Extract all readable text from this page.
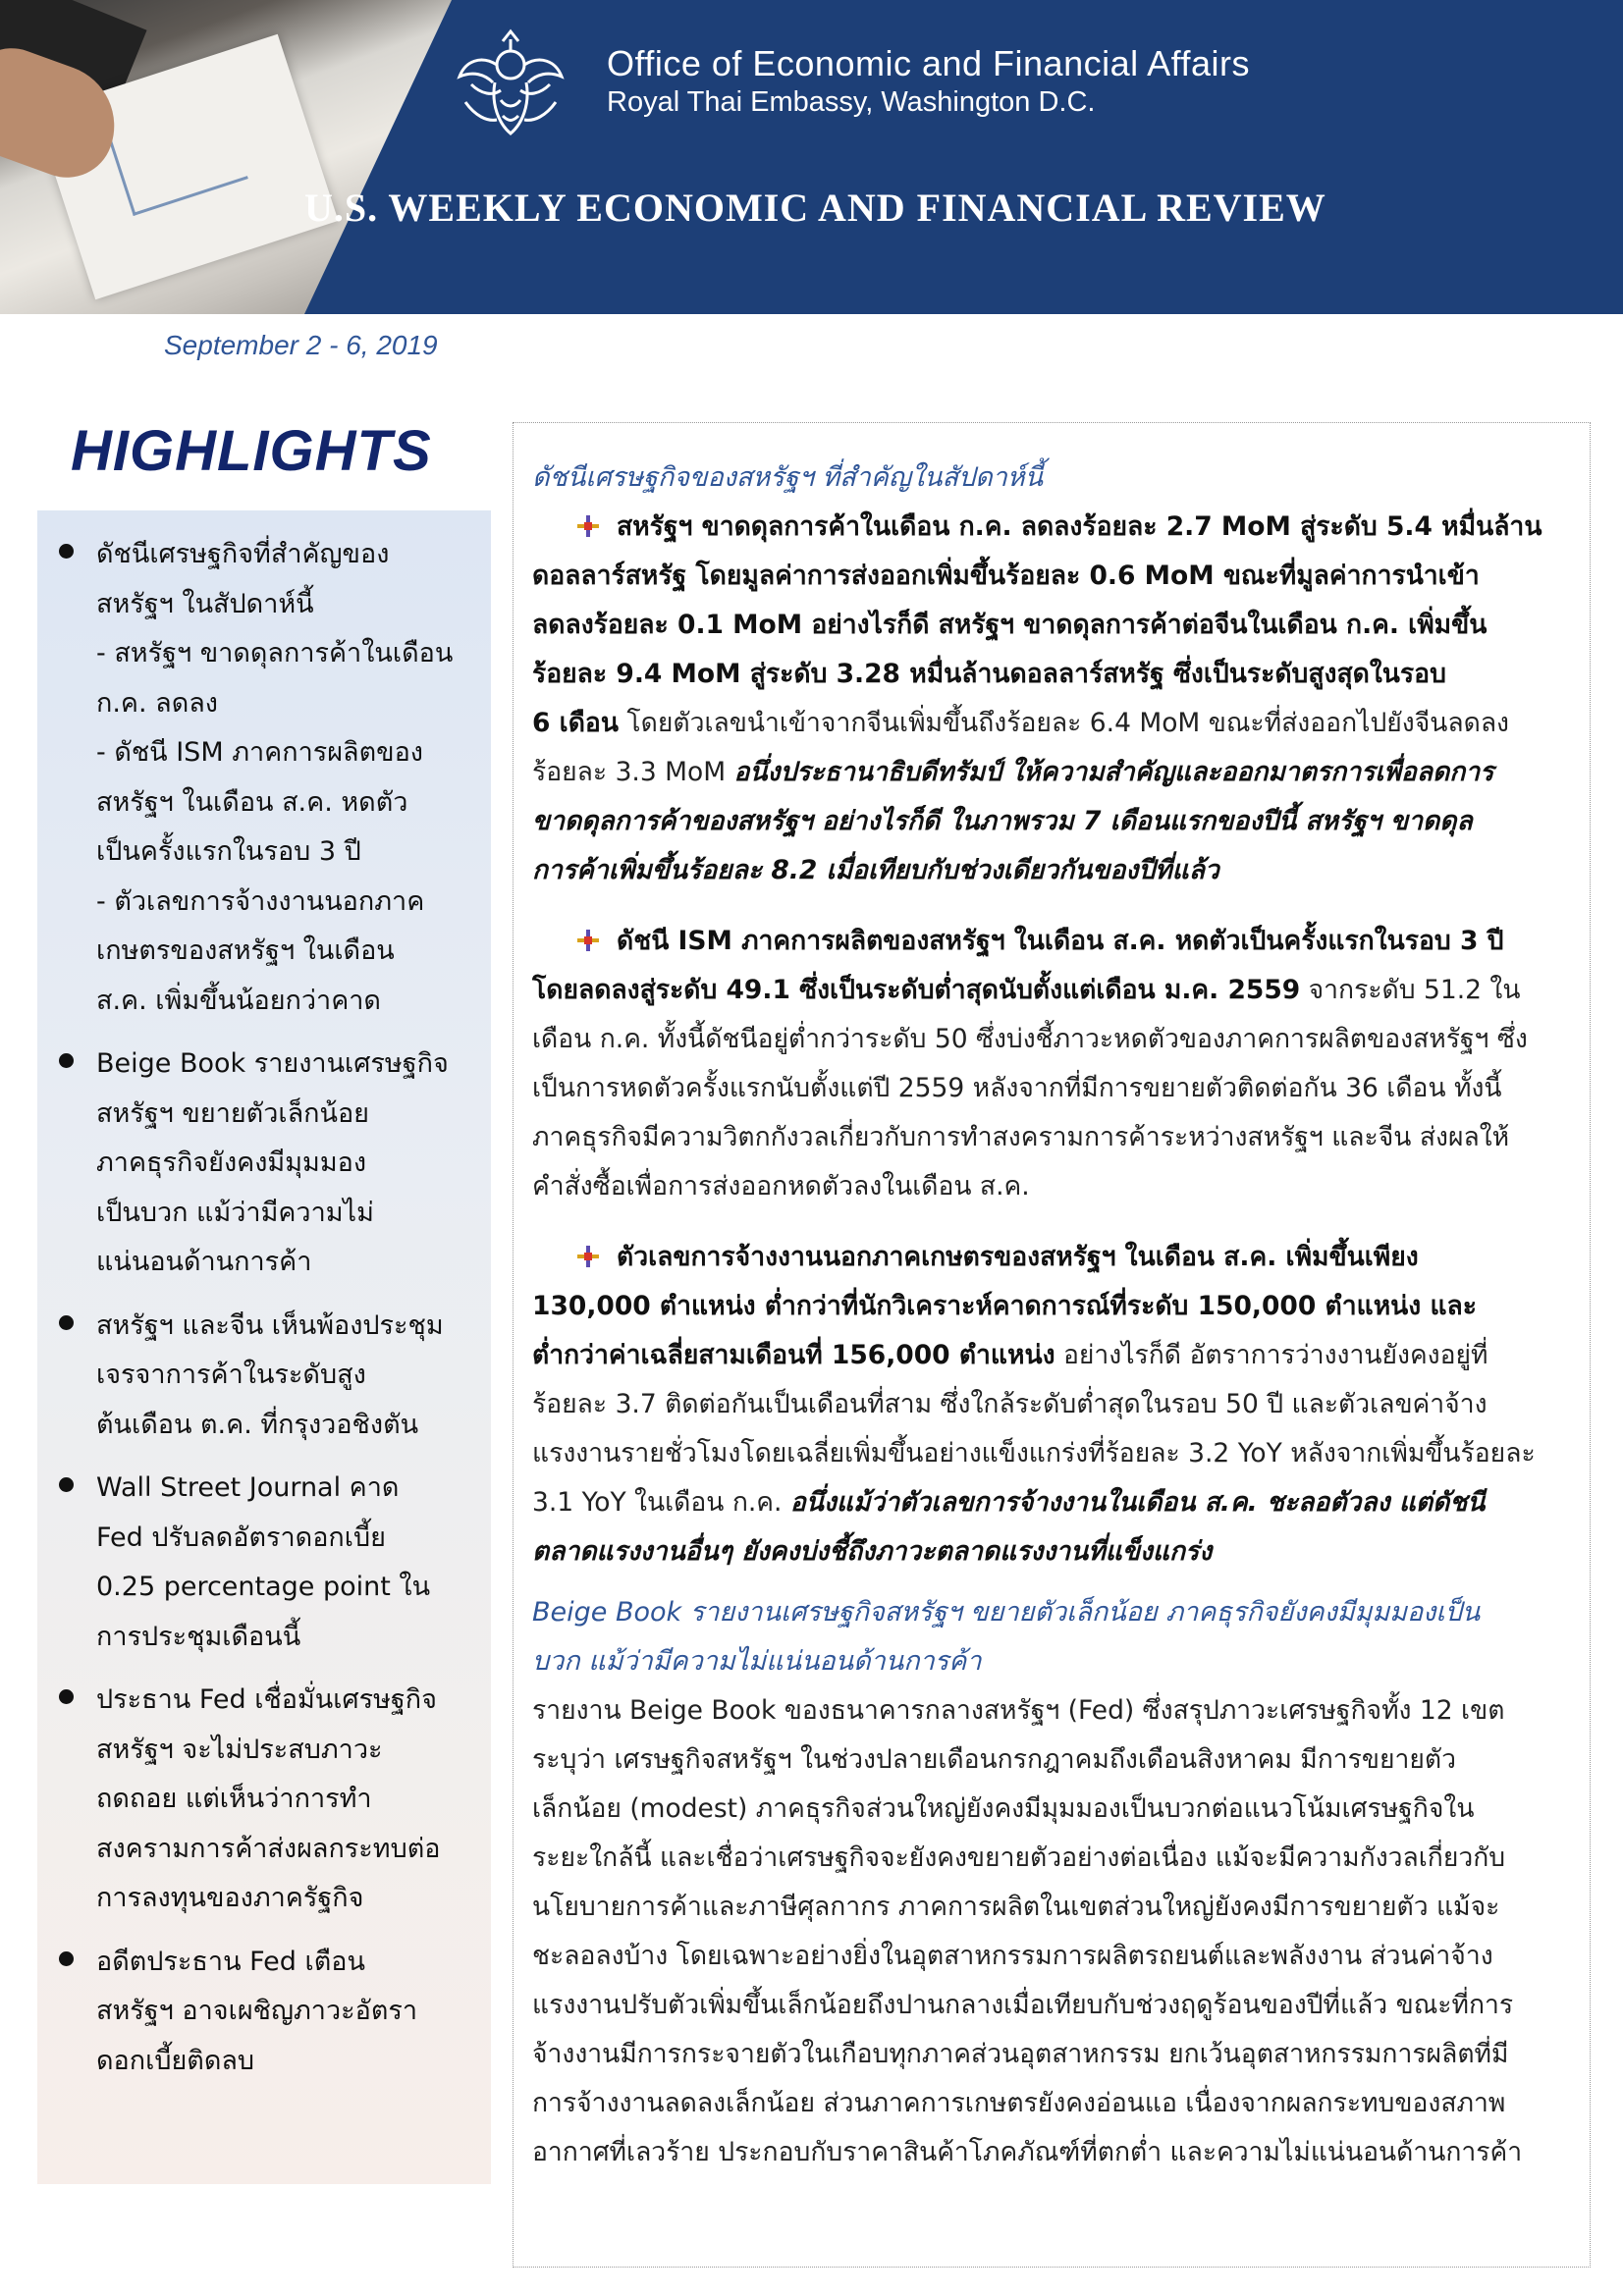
Office of Economic and Financial Affairs
Royal Thai Embassy, Washington D.C.
U.S. WEEKLY ECONOMIC AND FINANCIAL REVIEW
September 2 - 6, 2019
HIGHLIGHTS
ดัชนีเศรษฐกิจที่สำคัญของ
สหรัฐฯ ในสัปดาห์นี้
- สหรัฐฯ ขาดดุลการค้าในเดือน
ก.ค. ลดลง
- ดัชนี ISM ภาคการผลิตของ
สหรัฐฯ ในเดือน ส.ค. หดตัว
เป็นครั้งแรกในรอบ 3 ปี
- ตัวเลขการจ้างงานนอกภาค
เกษตรของสหรัฐฯ ในเดือน
ส.ค. เพิ่มขึ้นน้อยกว่าคาด
Beige Book รายงานเศรษฐกิจ
สหรัฐฯ ขยายตัวเล็กน้อย
ภาคธุรกิจยังคงมีมุมมอง
เป็นบวก แม้ว่ามีความไม่
แน่นอนด้านการค้า
สหรัฐฯ และจีน เห็นพ้องประชุม
เจรจาการค้าในระดับสูง
ต้นเดือน ต.ค. ที่กรุงวอชิงตัน
Wall Street Journal คาด
Fed ปรับลดอัตราดอกเบี้ย
0.25 percentage point ใน
การประชุมเดือนนี้
ประธาน Fed เชื่อมั่นเศรษฐกิจ
สหรัฐฯ จะไม่ประสบภาวะ
ถดถอย แต่เห็นว่าการทำ
สงครามการค้าส่งผลกระทบต่อ
การลงทุนของภาครัฐกิจ
อดีตประธาน Fed เตือน
สหรัฐฯ อาจเผชิญภาวะอัตรา
ดอกเบี้ยติดลบ

ดัชนีเศรษฐกิจของสหรัฐฯ ที่สำคัญในสัปดาห์นี้

สหรัฐฯ ขาดดุลการค้าในเดือน ก.ค. ลดลงร้อยละ 2.7 MoM สู่ระดับ 5.4 หมื่นล้าน
ดอลลาร์สหรัฐ โดยมูลค่าการส่งออกเพิ่มขึ้นร้อยละ 0.6 MoM ขณะที่มูลค่าการนำเข้า
ลดลงร้อยละ 0.1 MoM อย่างไรก็ดี สหรัฐฯ ขาดดุลการค้าต่อจีนในเดือน ก.ค. เพิ่มขึ้น
ร้อยละ 9.4 MoM สู่ระดับ 3.28 หมื่นล้านดอลลาร์สหรัฐ ซึ่งเป็นระดับสูงสุดในรอบ
6 เดือน โดยตัวเลขนำเข้าจากจีนเพิ่มขึ้นถึงร้อยละ 6.4 MoM ขณะที่ส่งออกไปยังจีนลดลง
ร้อยละ 3.3 MoM อนึ่งประธานาธิบดีทรัมป์ ให้ความสำคัญและออกมาตรการเพื่อลดการ
ขาดดุลการค้าของสหรัฐฯ อย่างไรก็ดี ในภาพรวม 7 เดือนแรกของปีนี้ สหรัฐฯ ขาดดุล
การค้าเพิ่มขึ้นร้อยละ 8.2 เมื่อเทียบกับช่วงเดียวกันของปีที่แล้ว
ดัชนี ISM ภาคการผลิตของสหรัฐฯ ในเดือน ส.ค. หดตัวเป็นครั้งแรกในรอบ 3 ปี
โดยลดลงสู่ระดับ 49.1 ซึ่งเป็นระดับต่ำสุดนับตั้งแต่เดือน ม.ค. 2559 จากระดับ 51.2 ใน
เดือน ก.ค. ทั้งนี้ดัชนีอยู่ต่ำกว่าระดับ 50 ซึ่งบ่งชี้ภาวะหดตัวของภาคการผลิตของสหรัฐฯ ซึ่ง
เป็นการหดตัวครั้งแรกนับตั้งแต่ปี 2559 หลังจากที่มีการขยายตัวติดต่อกัน 36 เดือน ทั้งนี้
ภาคธุรกิจมีความวิตกกังวลเกี่ยวกับการทำสงครามการค้าระหว่างสหรัฐฯ และจีน ส่งผลให้
คำสั่งซื้อเพื่อการส่งออกหดตัวลงในเดือน ส.ค.
ตัวเลขการจ้างงานนอกภาคเกษตรของสหรัฐฯ ในเดือน ส.ค. เพิ่มขึ้นเพียง
130,000 ตำแหน่ง ต่ำกว่าที่นักวิเคราะห์คาดการณ์ที่ระดับ 150,000 ตำแหน่ง และ
ต่ำกว่าค่าเฉลี่ยสามเดือนที่ 156,000 ตำแหน่ง อย่างไรก็ดี อัตราการว่างงานยังคงอยู่ที่
ร้อยละ 3.7 ติดต่อกันเป็นเดือนที่สาม ซึ่งใกล้ระดับต่ำสุดในรอบ 50 ปี และตัวเลขค่าจ้าง
แรงงานรายชั่วโมงโดยเฉลี่ยเพิ่มขึ้นอย่างแข็งแกร่งที่ร้อยละ 3.2 YoY หลังจากเพิ่มขึ้นร้อยละ
3.1 YoY ในเดือน ก.ค. อนึ่งแม้ว่าตัวเลขการจ้างงานในเดือน ส.ค. ชะลอตัวลง แต่ดัชนี
ตลาดแรงงานอื่นๆ ยังคงบ่งชี้ถึงภาวะตลาดแรงงานที่แข็งแกร่ง

Beige Book รายงานเศรษฐกิจสหรัฐฯ ขยายตัวเล็กน้อย ภาคธุรกิจยังคงมีมุมมองเป็น
บวก แม้ว่ามีความไม่แน่นอนด้านการค้า

รายงาน Beige Book ของธนาคารกลางสหรัฐฯ (Fed) ซึ่งสรุปภาวะเศรษฐกิจทั้ง 12 เขต
ระบุว่า เศรษฐกิจสหรัฐฯ ในช่วงปลายเดือนกรกฎาคมถึงเดือนสิงหาคม มีการขยายตัว
เล็กน้อย (modest) ภาคธุรกิจส่วนใหญ่ยังคงมีมุมมองเป็นบวกต่อแนวโน้มเศรษฐกิจใน
ระยะใกล้นี้ และเชื่อว่าเศรษฐกิจจะยังคงขยายตัวอย่างต่อเนื่อง แม้จะมีความกังวลเกี่ยวกับ
นโยบายการค้าและภาษีศุลกากร ภาคการผลิตในเขตส่วนใหญ่ยังคงมีการขยายตัว แม้จะ
ชะลอลงบ้าง โดยเฉพาะอย่างยิ่งในอุตสาหกรรมการผลิตรถยนต์และพลังงาน ส่วนค่าจ้าง
แรงงานปรับตัวเพิ่มขึ้นเล็กน้อยถึงปานกลางเมื่อเทียบกับช่วงฤดูร้อนของปีที่แล้ว ขณะที่การ
จ้างงานมีการกระจายตัวในเกือบทุกภาคส่วนอุตสาหกรรม ยกเว้นอุตสาหกรรมการผลิตที่มี
การจ้างงานลดลงเล็กน้อย ส่วนภาคการเกษตรยังคงอ่อนแอ เนื่องจากผลกระทบของสภาพ
อากาศที่เลวร้าย ประกอบกับราคาสินค้าโภคภัณฑ์ที่ตกต่ำ และความไม่แน่นอนด้านการค้า
